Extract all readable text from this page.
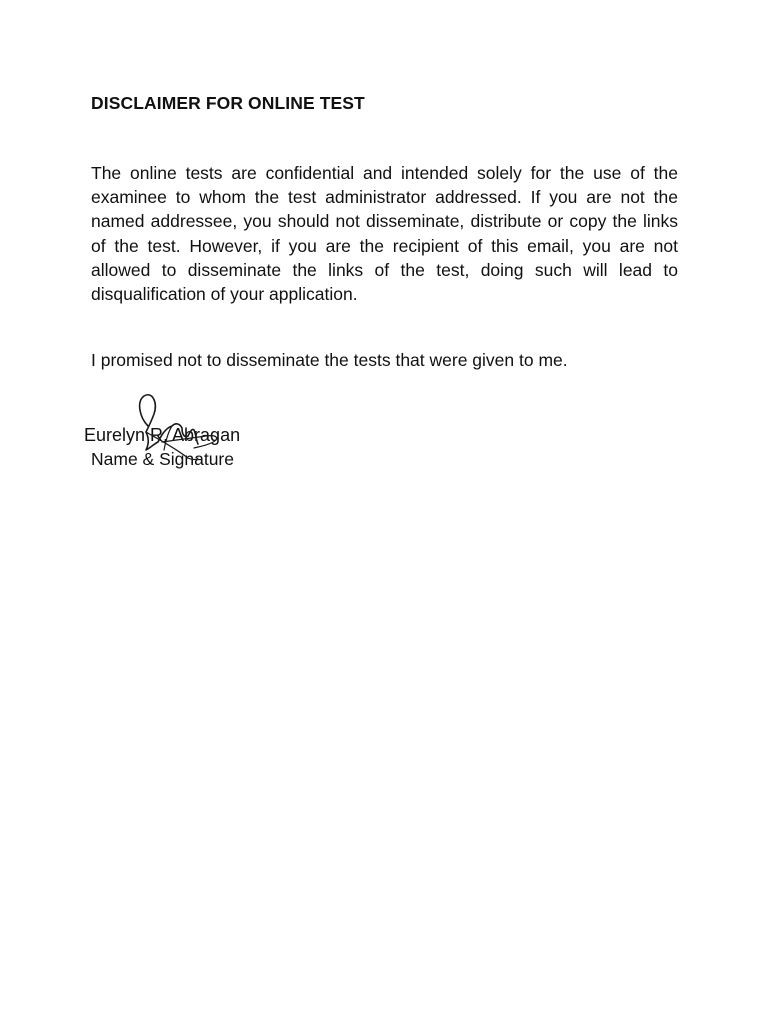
DISCLAIMER FOR ONLINE TEST

The online tests are confidential and intended solely for the use of the examinee to whom the test administrator addressed. If you are not the named addressee, you should not disseminate, distribute or copy the links of the test. However, if you are the recipient of this email, you are not allowed to disseminate the links of the test, doing such will lead to disqualification of your application.

I promised not to disseminate the tests that were given to me.

Eurelyn R. Abragan
Name & Signature
